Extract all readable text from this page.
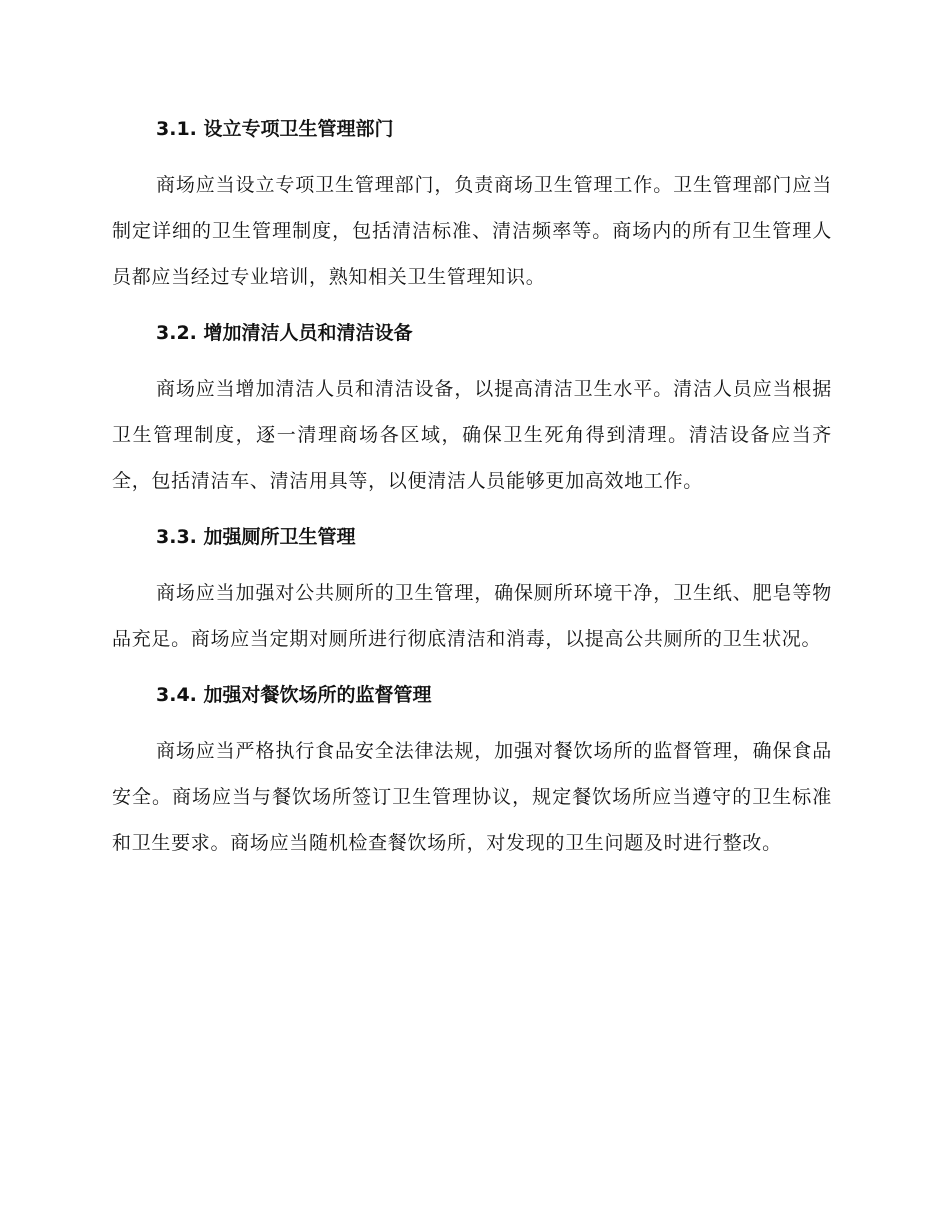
3.1. 设立专项卫生管理部门

商场应当设立专项卫生管理部门，负责商场卫生管理工作。卫生管理部门应当制定详细的卫生管理制度，包括清洁标准、清洁频率等。商场内的所有卫生管理人员都应当经过专业培训，熟知相关卫生管理知识。

3.2. 增加清洁人员和清洁设备

商场应当增加清洁人员和清洁设备，以提高清洁卫生水平。清洁人员应当根据卫生管理制度，逐一清理商场各区域，确保卫生死角得到清理。清洁设备应当齐全，包括清洁车、清洁用具等，以便清洁人员能够更加高效地工作。

3.3. 加强厕所卫生管理

商场应当加强对公共厕所的卫生管理，确保厕所环境干净，卫生纸、肥皂等物品充足。商场应当定期对厕所进行彻底清洁和消毒，以提高公共厕所的卫生状况。

3.4. 加强对餐饮场所的监督管理

商场应当严格执行食品安全法律法规，加强对餐饮场所的监督管理，确保食品安全。商场应当与餐饮场所签订卫生管理协议，规定餐饮场所应当遵守的卫生标准和卫生要求。商场应当随机检查餐饮场所，对发现的卫生问题及时进行整改。
